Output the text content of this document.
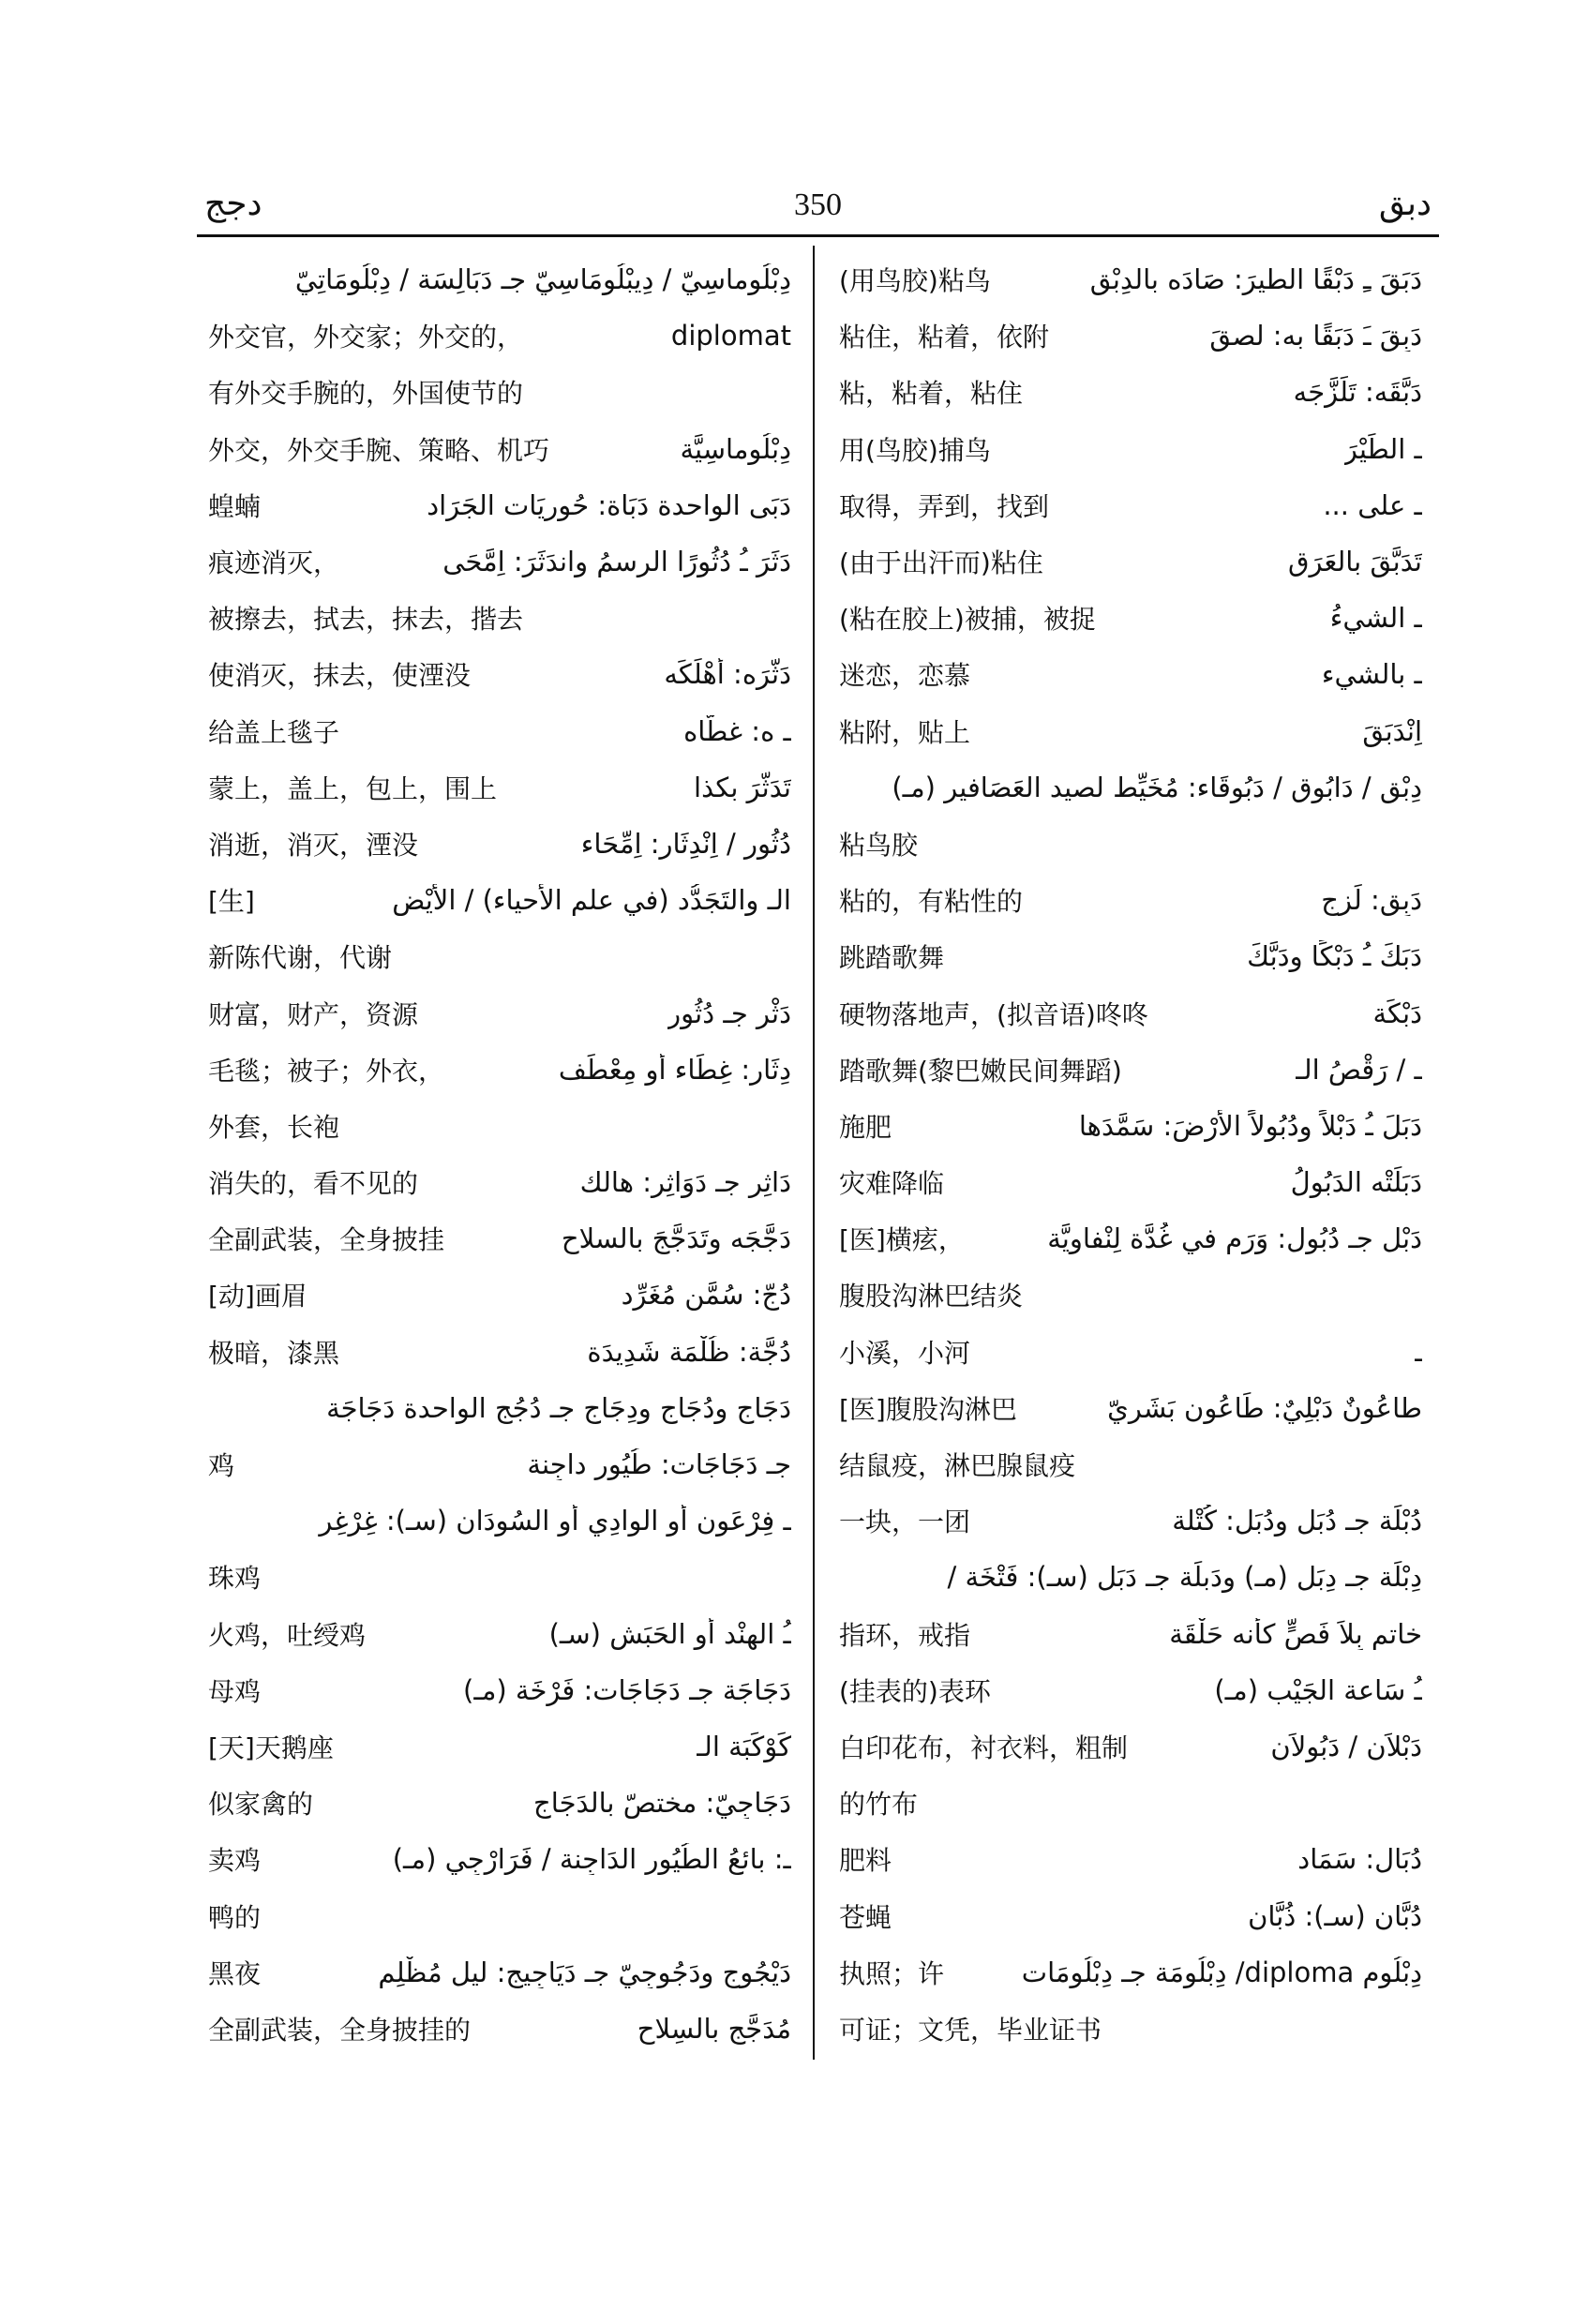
دجج	350	دبق
دِبْلُوماسِيّ / دِيبْلُومَاسِيّ جـ دَبَالِسَة / دِبْلُومَاتِيّ
外交官，外交家；外交的，	diplomat
有外交手腕的，外国使节的
外交，外交手腕、策略、机巧	دِبْلُوماسِيَّة
蝗蝻	دَبَى الواحدة دَبَاة: حُورِيَات الجَرَاد
痕迹消灭，	دَثَرَ ـُ دُثُورًا الرسمُ واندَثَرَ: اِمَّحَى
被擦去，拭去，抹去，揩去
使消灭，抹去，使湮没	دَثَّرَه: أَهْلَكَه
给盖上毯子	ـ ه: غطّاه
蒙上，盖上，包上，围上	تَدَثَّرَ بكذا
消逝，消灭，湮没	دُثُور / اِنْدِثَار: اِمِّحَاء
[生]	الـ والتَجَدُّد (في علم الأحياء) / الأَيْض
新陈代谢，代谢
财富，财产，资源	دَثْر جـ دُثُور
毛毯；被子；外衣，	دِثَار: غِطَاء أو مِعْطَف
外套，长袍
消失的，看不见的	دَاثِر جـ دَوَاثِر: هالك
全副武装，全身披挂	دَجَّجَه وتَدَجَّجَ بالسلاح
[动]画眉	دُجّ: سُمَّن مُغَرِّد
极暗，漆黑	دُجَّة: ظُلْمَة شَدِيدَة
دَجَاج ودُجَاج ودِجَاج جـ دُجُج الواحدة دَجَاجَة
鸡	جـ دَجَاجَات: طُيُور داجِنة
ـ فِرْعَون أو الوادِي أو السُودَان (سـ): غِرْغِر
珠鸡
火鸡，吐绶鸡	ـُ الهِنْد أو الحَبَش (سـ)
母鸡	دَجَاجَة جـ دَجَاجَات: فَرْخَة (مـ)
[天]天鹅座	كَوْكَبَة الـ
似家禽的	دَجَاجِيّ: مختصّ بالدَجَاج
卖鸡	ـ: بائعُ الطُيُور الدَاجِنة / فَرَارْجِي (مـ)
鸭的
黑夜	دَيْجُوج ودَجُوجِيّ جـ دَيَاجِيج: ليل مُظْلِم
全副武装，全身披挂的	مُدَجَّج بالسِلاح
(用鸟胶)粘鸟	دَبَقَ ـِ دَبْقًا الطيرَ: صَادَه بالدِبْق
粘住，粘着，依附	دَبِقَ ـَ دَبَقًا به: لصقَ
粘，粘着，粘住	دَبَّقَه: تَلَزَّجَه
用(鸟胶)捕鸟	ـ الطَيْرَ
取得，弄到，找到	ـ على ...
(由于出汗而)粘住	تَدَبَّقَ بالعَرَق
(粘在胶上)被捕，被捉	ـ الشيءُ
迷恋，恋慕	ـ بالشيء
粘附，贴上	اِنْدَبَقَ
دِبْق / دَابُوق / دَبُوقَاء: مُخَيِّط لصيد العَصَافير (مـ)
粘鸟胶
粘的，有粘性的	دَبِق: لَزِج
跳踏歌舞	دَبَكَ ـُ دَبْكًا ودَبَّكَ
硬物落地声，(拟音语)咚咚	دَبْكَة
踏歌舞(黎巴嫩民间舞蹈)	ـ / رَقْصُ الـ
施肥	دَبَلَ ـُ دَبْلاً ودُبُولاً الأرْضَ: سَمَّدَها
灾难降临	دَبَلَتْه الدَبُولُ
[医]横痃，	دَبْل جـ دُبُول: وَرَم في غُدَّة لِنْفاوِيَّة
腹股沟淋巴结炎
小溪，小河	ـ
[医]腹股沟淋巴	طاعُونٌ دَبْلِيٌ: طَاعُون بَشَرِيّ
结鼠疫，淋巴腺鼠疫
一块，一团	دُبْلَة جـ دُبَل ودُبَل: كُتْلة
دِبْلَة جـ دِبَل (مـ) ودَبلَة جـ دَبَل (سـ): فَتْخَة /
指环，戒指	خاتم بِلاَ فَصٍّ كأنه حَلْقَة
(挂表的)表环	ـُ سَاعة الجَيْب (مـ)
白印花布，衬衣料，粗制	دَبْلاَن / دَبُولاَن
的竹布
肥料	دُبَال: سَمَاد
苍蝇	دُبَّان (سـ): ذُبَّان
执照；许	دِبْلُوم diploma/ دِبْلُومَة جـ دِبْلُومَات
可证；文凭，毕业证书
